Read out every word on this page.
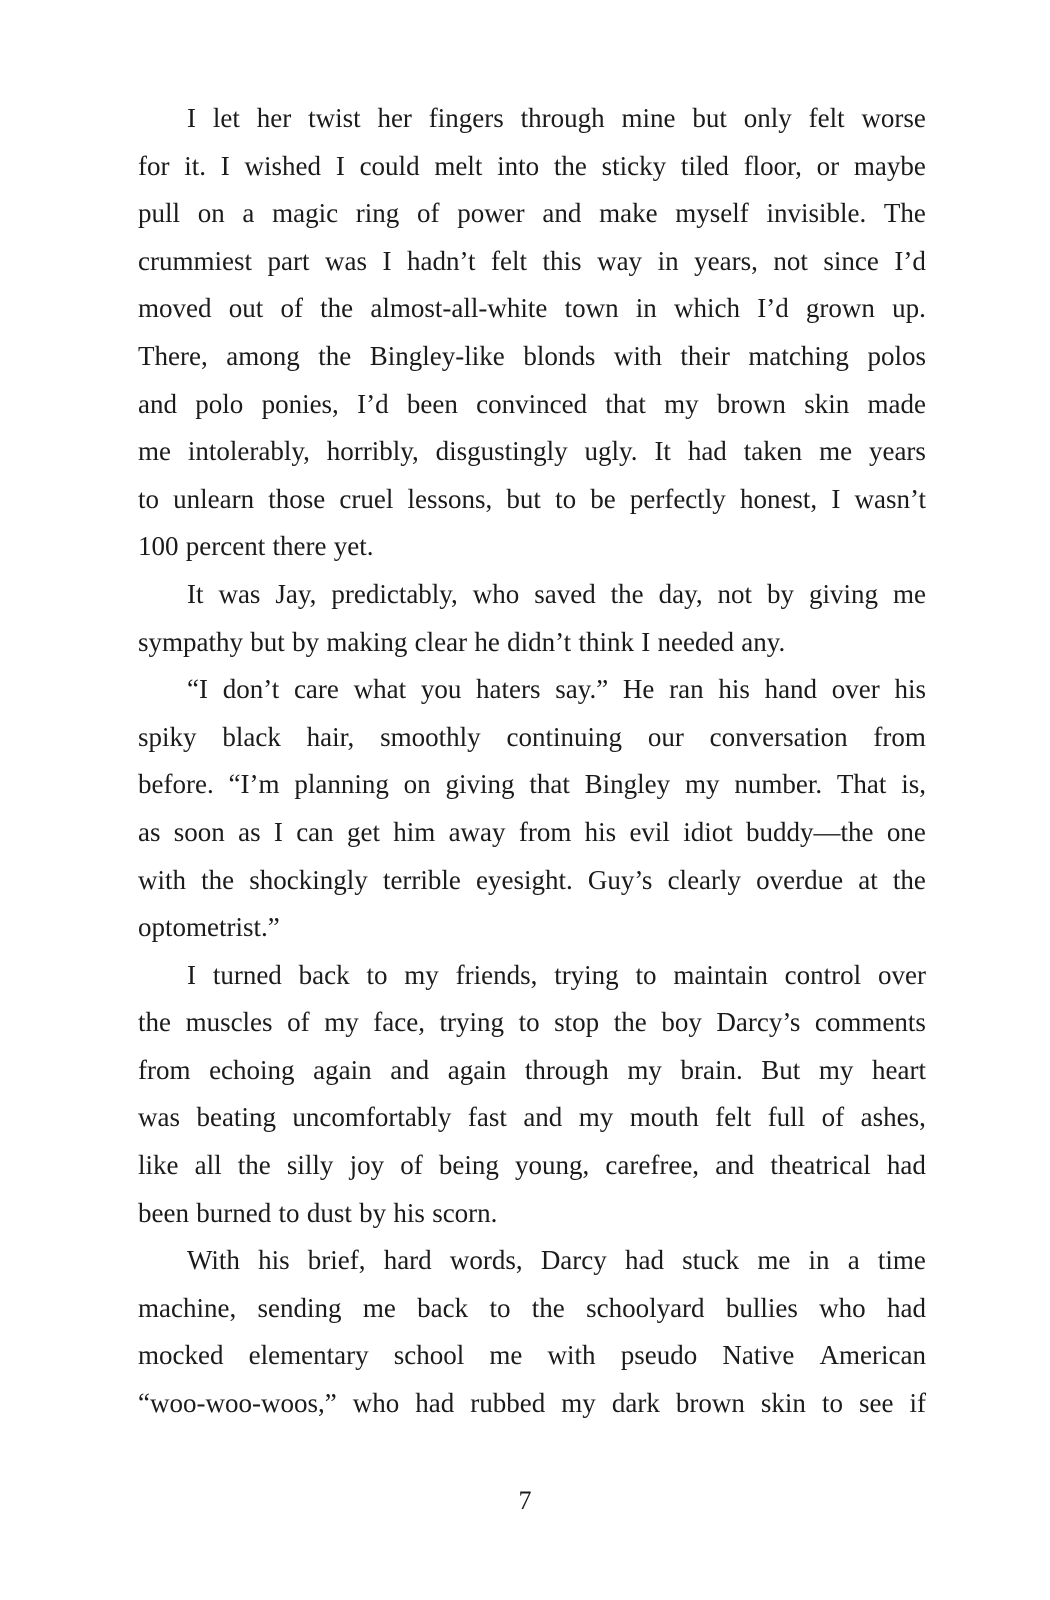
I let her twist her fingers through mine but only felt worse
for it. I wished I could melt into the sticky tiled floor, or maybe
pull on a magic ring of power and make myself invisible. The
crummiest part was I hadn’t felt this way in years, not since I’d
moved out of the almost-all-white town in which I’d grown up.
There, among the Bingley-like blonds with their matching polos
and polo ponies, I’d been convinced that my brown skin made
me intolerably, horribly, disgustingly ugly. It had taken me years
to unlearn those cruel lessons, but to be perfectly honest, I wasn’t
100 percent there yet.
It was Jay, predictably, who saved the day, not by giving me
sympathy but by making clear he didn’t think I needed any.
“I don’t care what you haters say.” He ran his hand over his
spiky black hair, smoothly continuing our conversation from
before. “I’m planning on giving that Bingley my number. That is,
as soon as I can get him away from his evil idiot buddy—the one
with the shockingly terrible eyesight. Guy’s clearly overdue at the
optometrist.”
I turned back to my friends, trying to maintain control over
the muscles of my face, trying to stop the boy Darcy’s comments
from echoing again and again through my brain. But my heart
was beating uncomfortably fast and my mouth felt full of ashes,
like all the silly joy of being young, carefree, and theatrical had
been burned to dust by his scorn.
With his brief, hard words, Darcy had stuck me in a time
machine, sending me back to the schoolyard bullies who had
mocked elementary school me with pseudo Native American
“woo-woo-woos,” who had rubbed my dark brown skin to see if
7
